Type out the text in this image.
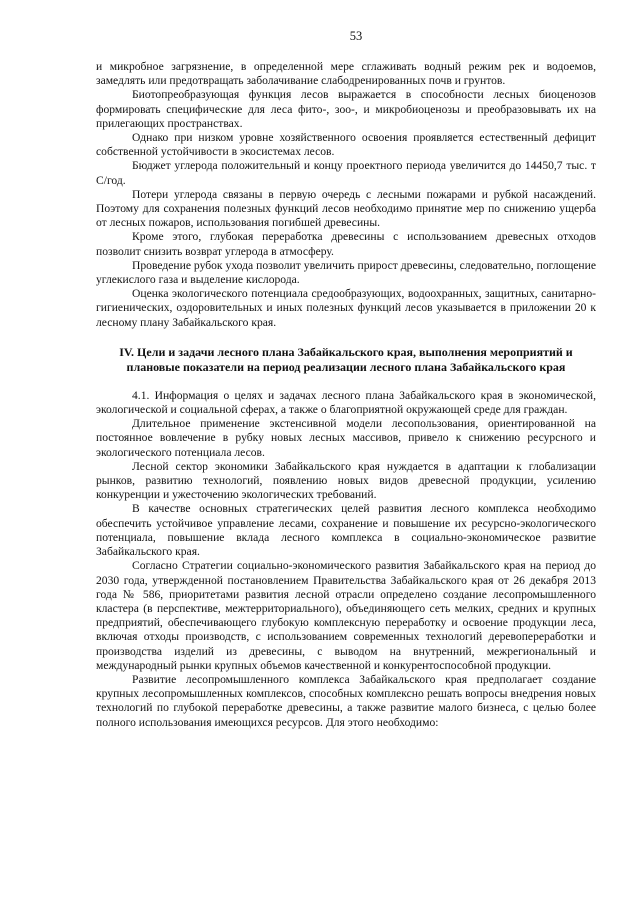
53

и микробное загрязнение, в определенной мере сглаживать водный режим рек и водоемов, замедлять или предотвращать заболачивание слабодренированных почв и грунтов.

Биотопреобразующая функция лесов выражается в способности лесных биоценозов формировать специфические для леса фито-, зоо-, и микробиоценозы и преобразовывать их на прилегающих пространствах.

Однако при низком уровне хозяйственного освоения проявляется естественный дефицит собственной устойчивости в экосистемах лесов.

Бюджет углерода положительный и концу проектного периода увеличится до 14450,7 тыс. т С/год.

Потери углерода связаны в первую очередь с лесными пожарами и рубкой насаждений. Поэтому для сохранения полезных функций лесов необходимо принятие мер по снижению ущерба от лесных пожаров, использования погибшей древесины.

Кроме этого, глубокая переработка древесины с использованием древесных отходов позволит снизить возврат углерода в атмосферу.

Проведение рубок ухода позволит увеличить прирост древесины, следовательно, поглощение углекислого газа и выделение кислорода.

Оценка экологического потенциала средообразующих, водоохранных, защитных, санитарно-гигиенических, оздоровительных и иных полезных функций лесов указывается в приложении 20 к лесному плану Забайкальского края.

IV. Цели и задачи лесного плана Забайкальского края, выполнения мероприятий и плановые показатели на период реализации лесного плана Забайкальского края

4.1. Информация о целях и задачах лесного плана Забайкальского края в экономической, экологической и социальной сферах, а также о благоприятной окружающей среде для граждан.

Длительное применение экстенсивной модели лесопользования, ориентированной на постоянное вовлечение в рубку новых лесных массивов, привело к снижению ресурсного и экологического потенциала лесов.

Лесной сектор экономики Забайкальского края нуждается в адаптации к глобализации рынков, развитию технологий, появлению новых видов древесной продукции, усилению конкуренции и ужесточению экологических требований.

В качестве основных стратегических целей развития лесного комплекса необходимо обеспечить устойчивое управление лесами, сохранение и повышение их ресурсно-экологического потенциала, повышение вклада лесного комплекса в социально-экономическое развитие Забайкальского края.

Согласно Стратегии социально-экономического развития Забайкальского края на период до 2030 года, утвержденной постановлением Правительства Забайкальского края от 26 декабря 2013 года № 586, приоритетами развития лесной отрасли определено создание лесопромышленного кластера (в перспективе, межтерриториального), объединяющего сеть мелких, средних и крупных предприятий, обеспечивающего глубокую комплексную переработку и освоение продукции леса, включая отходы производств, с использованием современных технологий деревопереработки и производства изделий из древесины, с выводом на внутренний, межрегиональный и международный рынки крупных объемов качественной и конкурентоспособной продукции.

Развитие лесопромышленного комплекса Забайкальского края предполагает создание крупных лесопромышленных комплексов, способных комплексно решать вопросы внедрения новых технологий по глубокой переработке древесины, а также развитие малого бизнеса, с целью более полного использования имеющихся ресурсов. Для этого необходимо:
